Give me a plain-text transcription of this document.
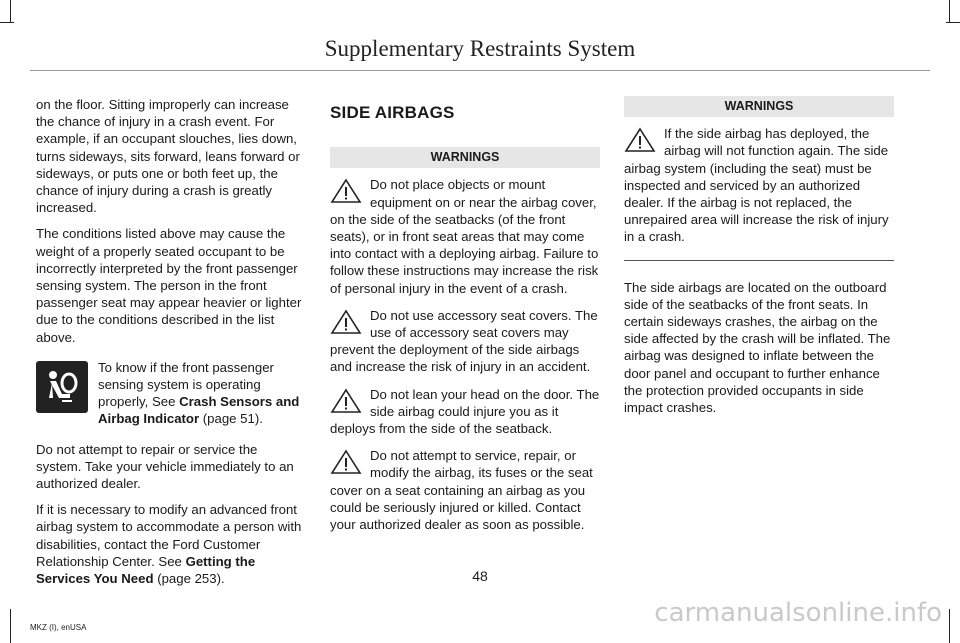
Supplementary Restraints System

on the floor. Sitting improperly can increase the chance of injury in a crash event. For example, if an occupant slouches, lies down, turns sideways, sits forward, leans forward or sideways, or puts one or both feet up, the chance of injury during a crash is greatly increased.

The conditions listed above may cause the weight of a properly seated occupant to be incorrectly interpreted by the front passenger sensing system. The person in the front passenger seat may appear heavier or lighter due to the conditions described in the list above.

To know if the front passenger sensing system is operating properly, See Crash Sensors and Airbag Indicator (page 51).

Do not attempt to repair or service the system. Take your vehicle immediately to an authorized dealer.

If it is necessary to modify an advanced front airbag system to accommodate a person with disabilities, contact the Ford Customer Relationship Center. See Getting the Services You Need (page 253).

SIDE AIRBAGS
WARNINGS
Do not place objects or mount equipment on or near the airbag cover, on the side of the seatbacks (of the front seats), or in front seat areas that may come into contact with a deploying airbag. Failure to follow these instructions may increase the risk of personal injury in the event of a crash.
Do not use accessory seat covers. The use of accessory seat covers may prevent the deployment of the side airbags and increase the risk of injury in an accident.
Do not lean your head on the door. The side airbag could injure you as it deploys from the side of the seatback.
Do not attempt to service, repair, or modify the airbag, its fuses or the seat cover on a seat containing an airbag as you could be seriously injured or killed. Contact your authorized dealer as soon as possible.
WARNINGS
If the side airbag has deployed, the airbag will not function again. The side airbag system (including the seat) must be inspected and serviced by an authorized dealer. If the airbag is not replaced, the unrepaired area will increase the risk of injury in a crash.

The side airbags are located on the outboard side of the seatbacks of the front seats. In certain sideways crashes, the airbag on the side affected by the crash will be inflated. The airbag was designed to inflate between the door panel and occupant to further enhance the protection provided occupants in side impact crashes.

48
MKZ (I), enUSA	carmanualsonline.info
